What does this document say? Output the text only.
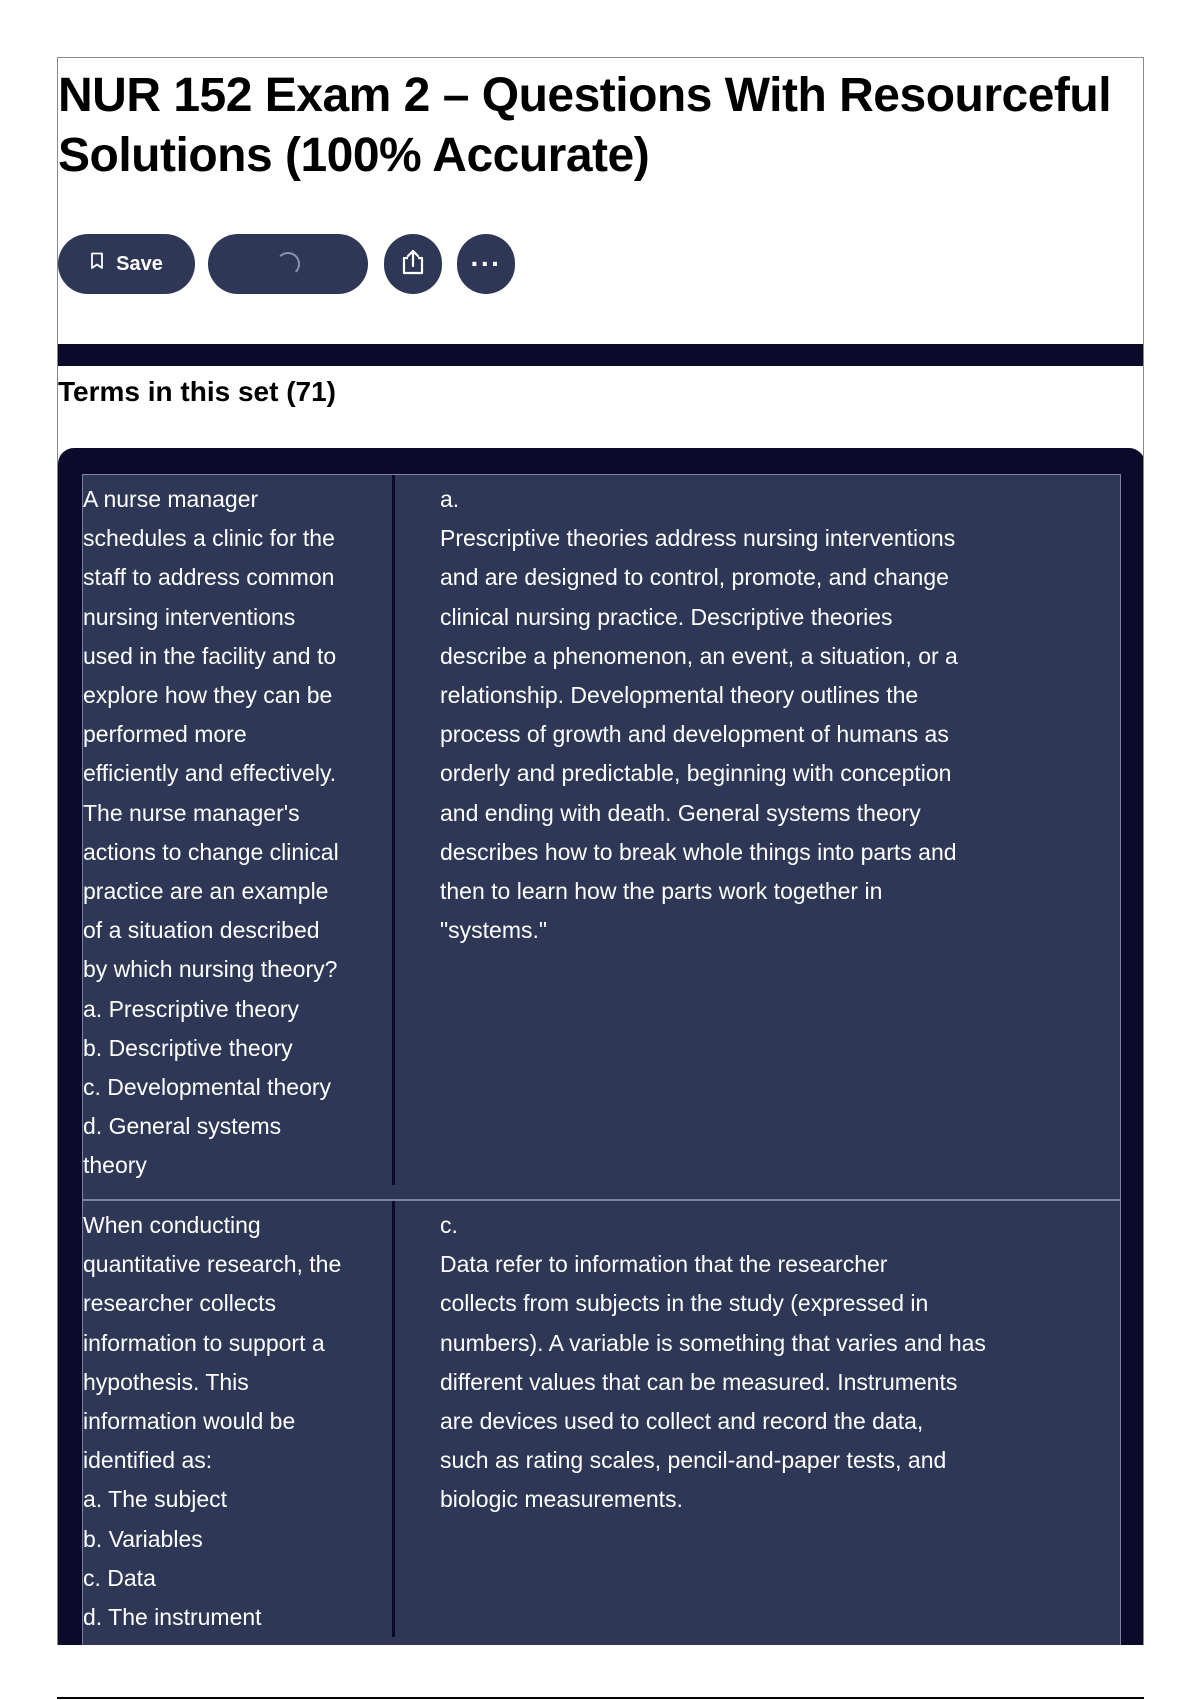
NUR 152 Exam 2 – Questions With Resourceful Solutions (100% Accurate)
Save	···
Terms in this set (71)
A nurse manager
schedules a clinic for the
staff to address common
nursing interventions
used in the facility and to
explore how they can be
performed more
efficiently and effectively.
The nurse manager's
actions to change clinical
practice are an example
of a situation described
by which nursing theory?
a. Prescriptive theory
b. Descriptive theory
c. Developmental theory
d. General systems
theory
a.
Prescriptive theories address nursing interventions
and are designed to control, promote, and change
clinical nursing practice. Descriptive theories
describe a phenomenon, an event, a situation, or a
relationship. Developmental theory outlines the
process of growth and development of humans as
orderly and predictable, beginning with conception
and ending with death. General systems theory
describes how to break whole things into parts and
then to learn how the parts work together in
"systems."
When conducting
quantitative research, the
researcher collects
information to support a
hypothesis. This
information would be
identified as:
a. The subject
b. Variables
c. Data
d. The instrument
c.
Data refer to information that the researcher
collects from subjects in the study (expressed in
numbers). A variable is something that varies and has
different values that can be measured. Instruments
are devices used to collect and record the data,
such as rating scales, pencil-and-paper tests, and
biologic measurements.
